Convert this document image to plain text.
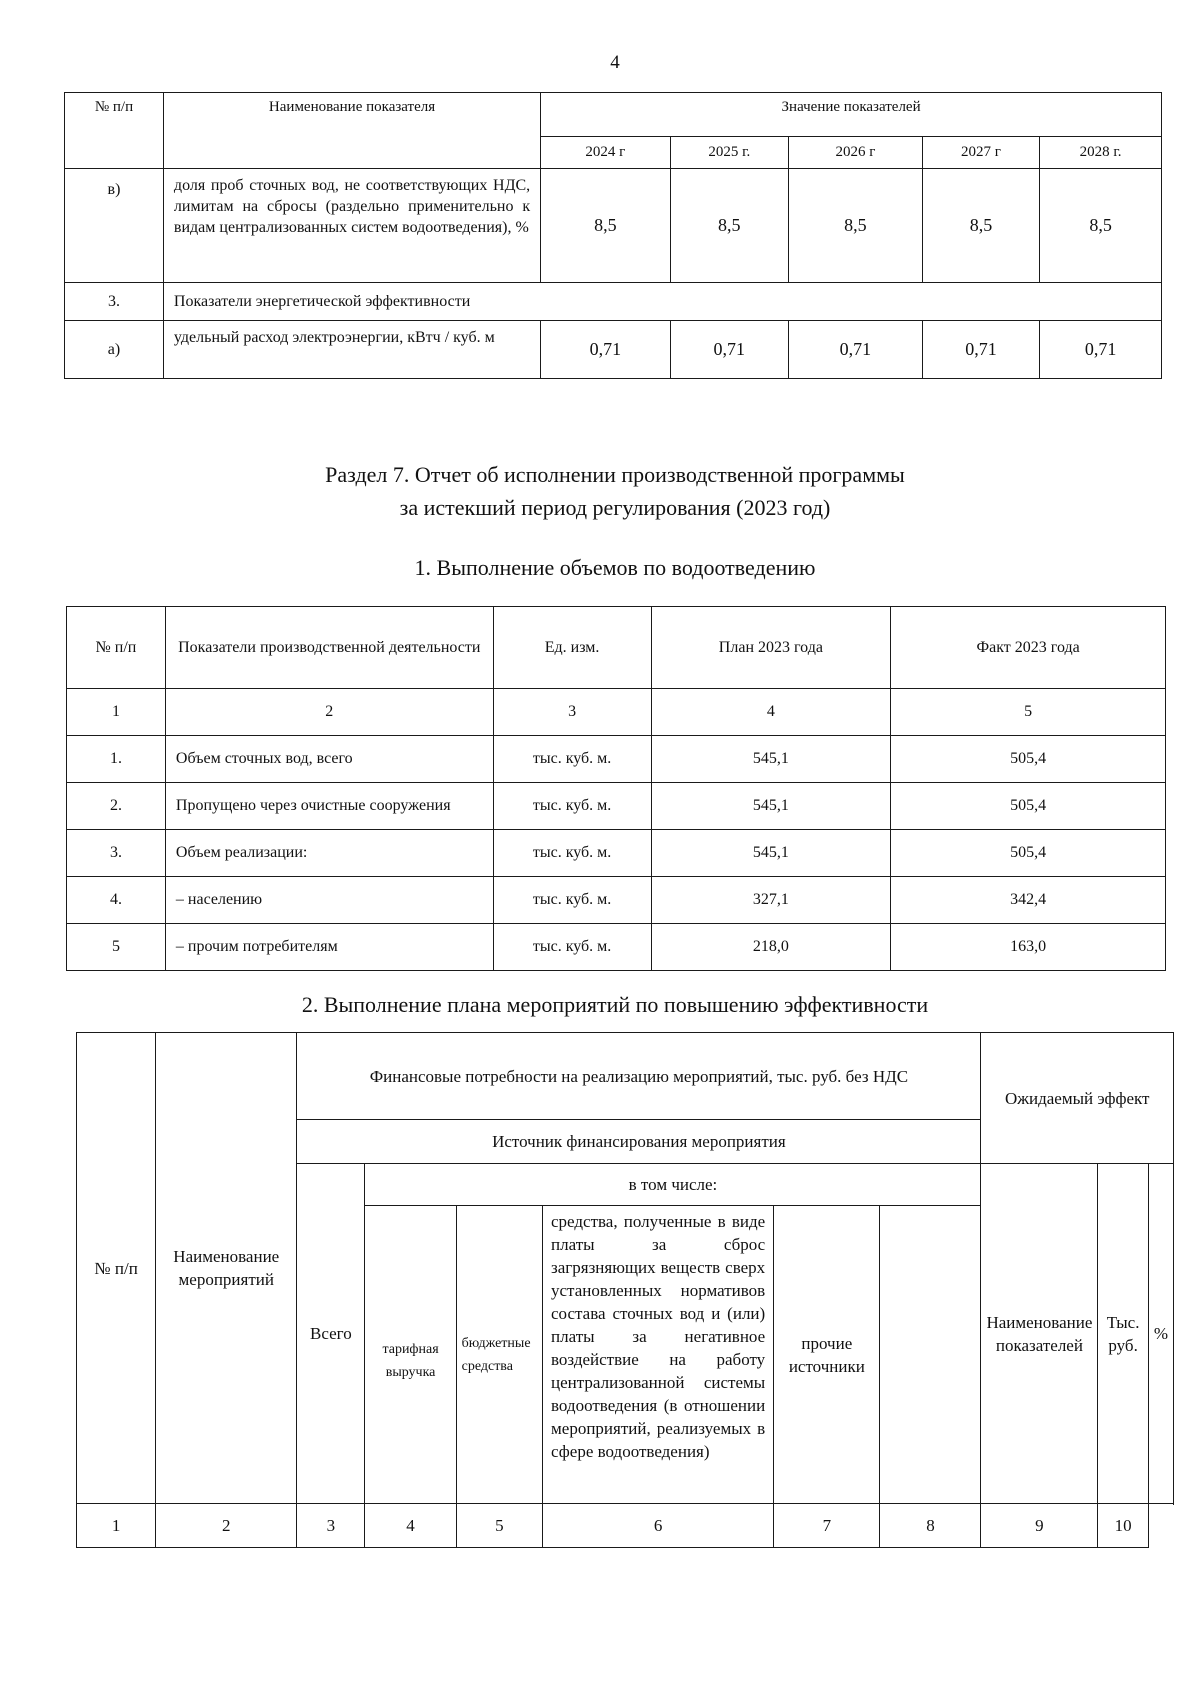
4
№ п/п	Наименование показателя	Значение показателей				
		2024 г	2025 г.	2026 г	2027 г	2028 г.
в)	доля проб сточных вод, не соответствующих НДС, лимитам на сбросы (раздельно применительно к видам централизованных систем водоотведения), %	8,5	8,5	8,5	8,5	8,5
3.	Показатели энергетической эффективности					
а)	удельный расход электроэнергии, кВтч / куб. м	0,71	0,71	0,71	0,71	0,71
Раздел 7. Отчет об исполнении производственной программы
за истекший период регулирования (2023 год)
1. Выполнение объемов по водоотведению
№ п/п	Показатели производственной деятельности	Ед. изм.	План 2023 года	Факт 2023 года
1	2	3	4	5
1.	Объем сточных вод, всего	тыс. куб. м.	545,1	505,4
2.	Пропущено через очистные сооружения	тыс. куб. м.	545,1	505,4
3.	Объем реализации:	тыс. куб. м.	545,1	505,4
4.	– населению	тыс. куб. м.	327,1	342,4
5	– прочим потребителям	тыс. куб. м.	218,0	163,0
2. Выполнение плана мероприятий по повышению эффективности
№ п/п	Наименование мероприятий	Финансовые потребности на реализацию мероприятий, тыс. руб. без НДС						Ожидаемый эффект		
		Источник финансирования мероприятия								
		Всего	в том числе:					Наименование показателей	Тыс. руб.	%
			тарифная выручка	бюджетные средства	средства, полученные в виде платы за сброс загрязняющих веществ сверх установленных нормативов состава сточных вод и (или) платы за негативное воздействие на работу централизованной системы водоотведения (в отношении мероприятий, реализуемых в сфере водоотведения)	прочие источники				

1	2	3	4	5	6	7	8	9	10	
